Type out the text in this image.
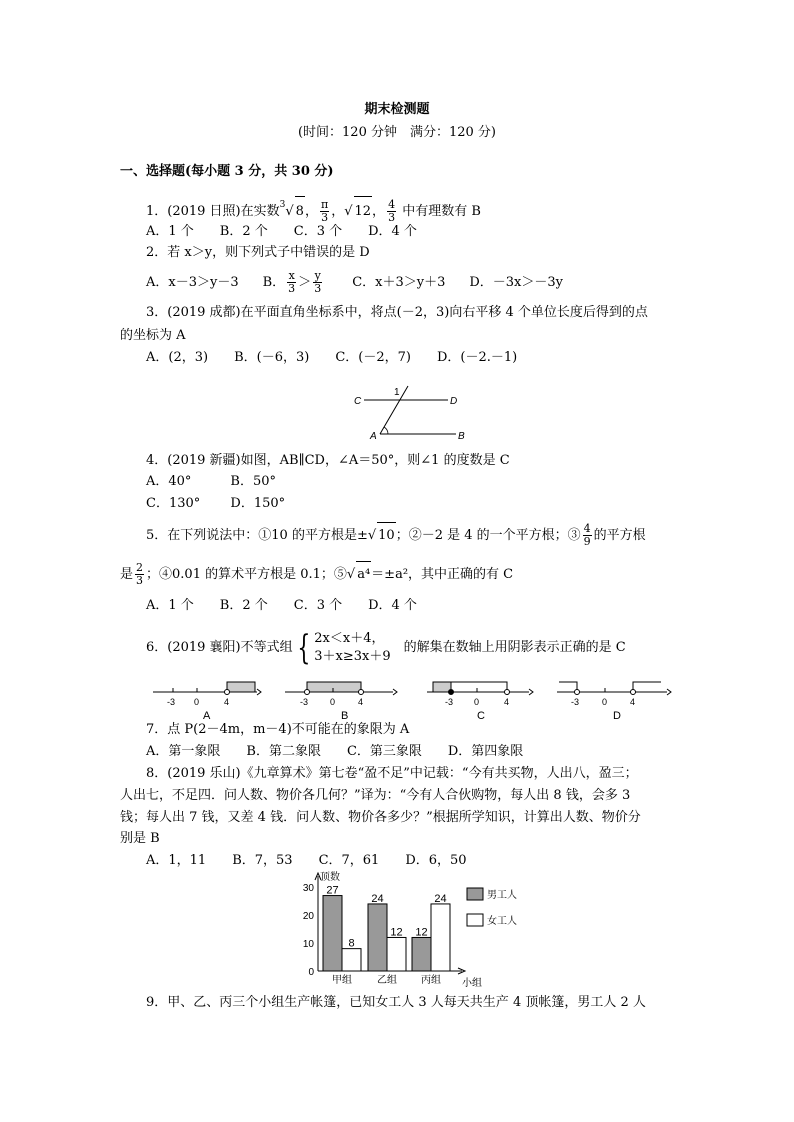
期末检测题
(时间：120 分钟　满分：120 分)
一、选择题(每小题 3 分，共 30 分)
1．(2019 日照)在实数$^3$√ 8， $\frac{\pi}{3}$ ，√ 12， $\frac{4}{3}$ 中有理数有 B
A．1 个　　B．2 个　　C．3 个　　D．4 个
2．若 x＞y，则下列式子中错误的是 D
A．x－3＞y－3 B． $\frac{x}{3} > \frac{y}{3}$ C．x＋3＞y＋3 D．－3x＞－3y
3．(2019 成都)在平面直角坐标系中，将点(－2，3)向右平移 4 个单位长度后得到的点
的坐标为 A
A．(2，3)　　B．(－6，3)　　C．(－2，7)　　D．(－2.－1)
1
C	D
A	B
4．(2019 新疆)如图，AB∥CD，∠A＝50°，则∠1 的度数是 C
A．40°　　　B．50°
C．130°　　 D．150°
5．在下列说法中：①10 的平方根是±√ 10；②－2 是 4 的一个平方根；③ $\frac{4}{9}$ 的平方根
是 $\frac{2}{3}$ ；④0.01 的算术平方根是 0.1；⑤√ a⁴＝±a²，其中正确的有 C
A．1 个　　B．2 个　　C．3 个　　D．4 个
6．(2019 襄阳)不等式组 { 2x＜x＋4，
3＋x≥3x＋9
　的解集在数轴上用阴影表示正确的是 C
-3 0	4
A
-3 0	4
B
-3 0	4
C
-3	0	4
D
7．点 P(2－4m，m－4)不可能在的象限为 A
A．第一象限　　B．第二象限　　C．第三象限　　D．第四象限
8．(2019 乐山)《九章算术》第七卷“盈不足”中记载：“今有共买物，人出八，盈三；
人出七，不足四．问人数、物价各几何？”译为：“今有人合伙购物，每人出 8 钱，会多 3
钱；每人出 7 钱，又差 4 钱．问人数、物价各多少？”根据所学知识，计算出人数、物价分
别是 B
A．1，11　　B．7，53　　C．7，61　　D．6，50
顶数
小组
0
10
20
30 27
8
甲组
24
12
乙组
12
24
丙组
男工人
女工人
9．甲、乙、丙三个小组生产帐篷，已知女工人 3 人每天共生产 4 顶帐篷，男工人 2 人
